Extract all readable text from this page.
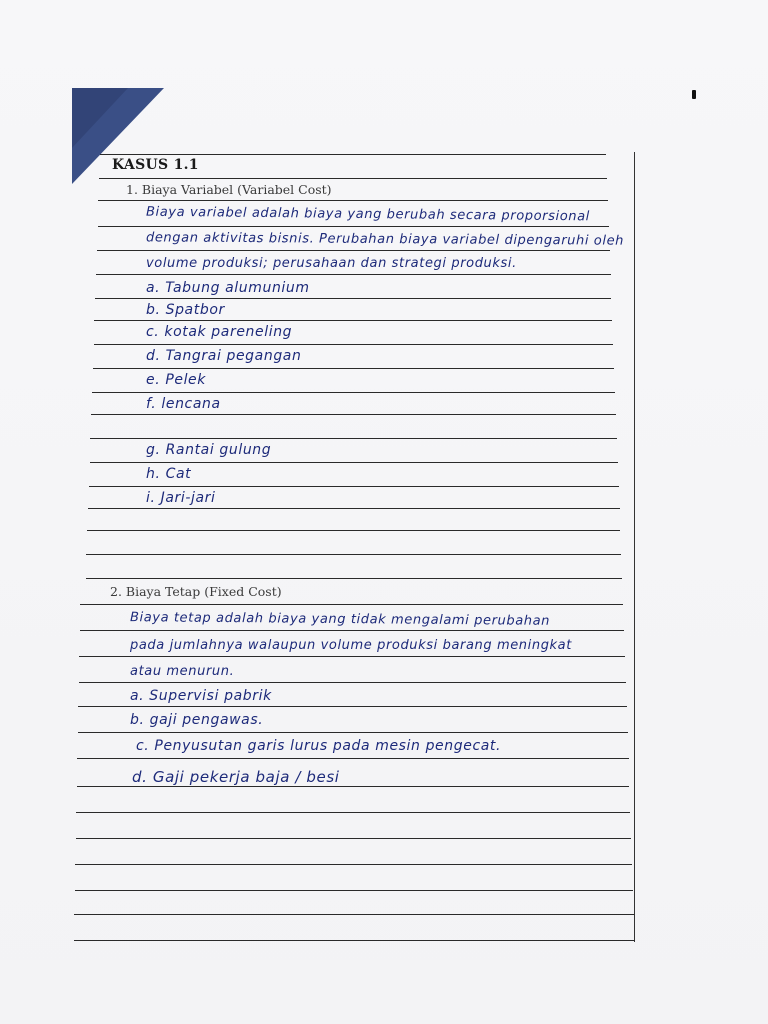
KASUS 1.1
1. Biaya Variabel (Variabel Cost)
Biaya variabel adalah biaya yang berubah secara proporsional
dengan aktivitas bisnis. Perubahan biaya variabel dipengaruhi oleh
volume produksi; perusahaan dan strategi produksi.
a. Tabung alumunium
b. Spatbor
c. kotak pareneling
d. Tangrai pegangan
e. Pelek
f. lencana
g. Rantai gulung
h. Cat
i. Jari-jari
2. Biaya Tetap (Fixed Cost)
Biaya tetap adalah biaya yang tidak mengalami perubahan
pada jumlahnya walaupun volume produksi barang meningkat
atau menurun.
a. Supervisi pabrik
b. gaji pengawas.
c. Penyusutan garis lurus pada mesin pengecat.
d. Gaji pekerja baja / besi
